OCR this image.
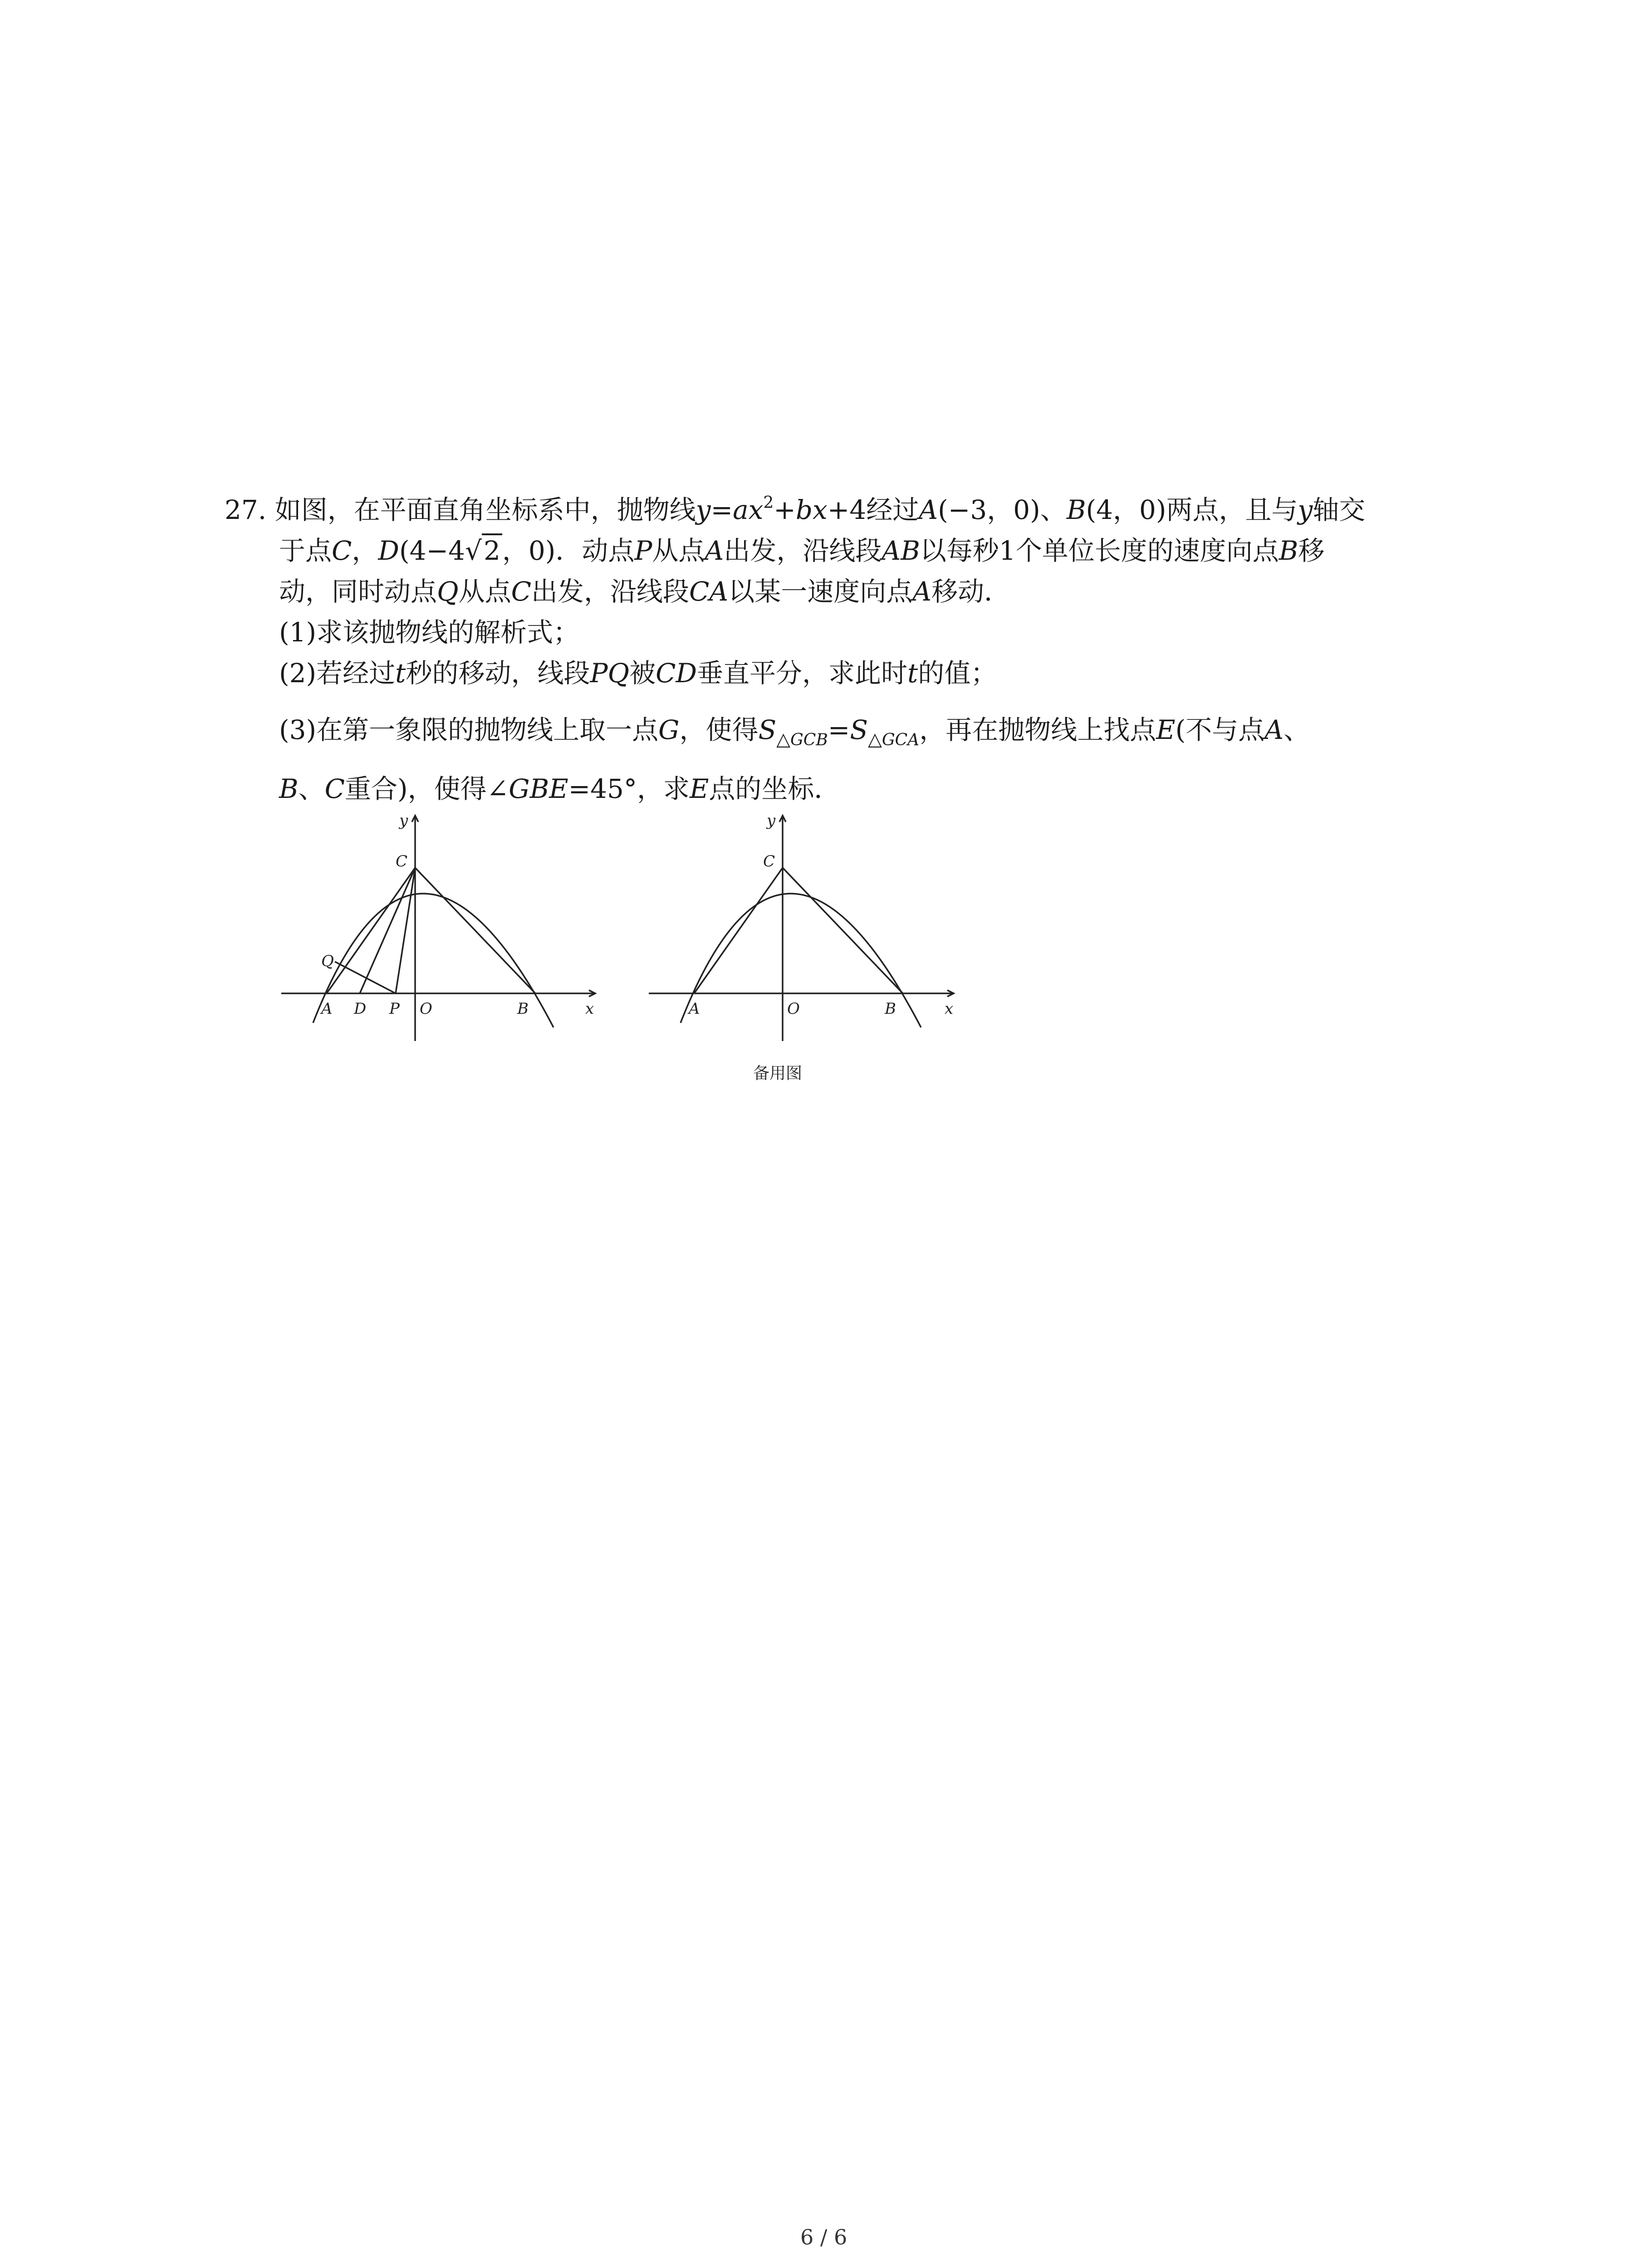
27. 如图，在平面直角坐标系中，抛物线$y=ax^2+bx+4$经过A(−3，0)、B(4，0)两点，且与y轴交
于点C，D(4−4√2，0)．动点P从点A出发，沿线段AB以每秒1个单位长度的速度向点B移
动，同时动点Q从点C出发，沿线段CA以某一速度向点A移动．
(1)求该抛物线的解析式；
(2)若经过t秒的移动，线段PQ被CD垂直平分，求此时t的值；
(3)在第一象限的抛物线上取一点G，使得$S_{\triangle GCB}=S_{\triangle GCA}$，再在抛物线上找点E(不与点A、
B、C重合)，使得∠GBE=45°，求E点的坐标．
y
x
C
Q
A D P O	B
y
x
C
A	O	B
备用图
6 / 6
